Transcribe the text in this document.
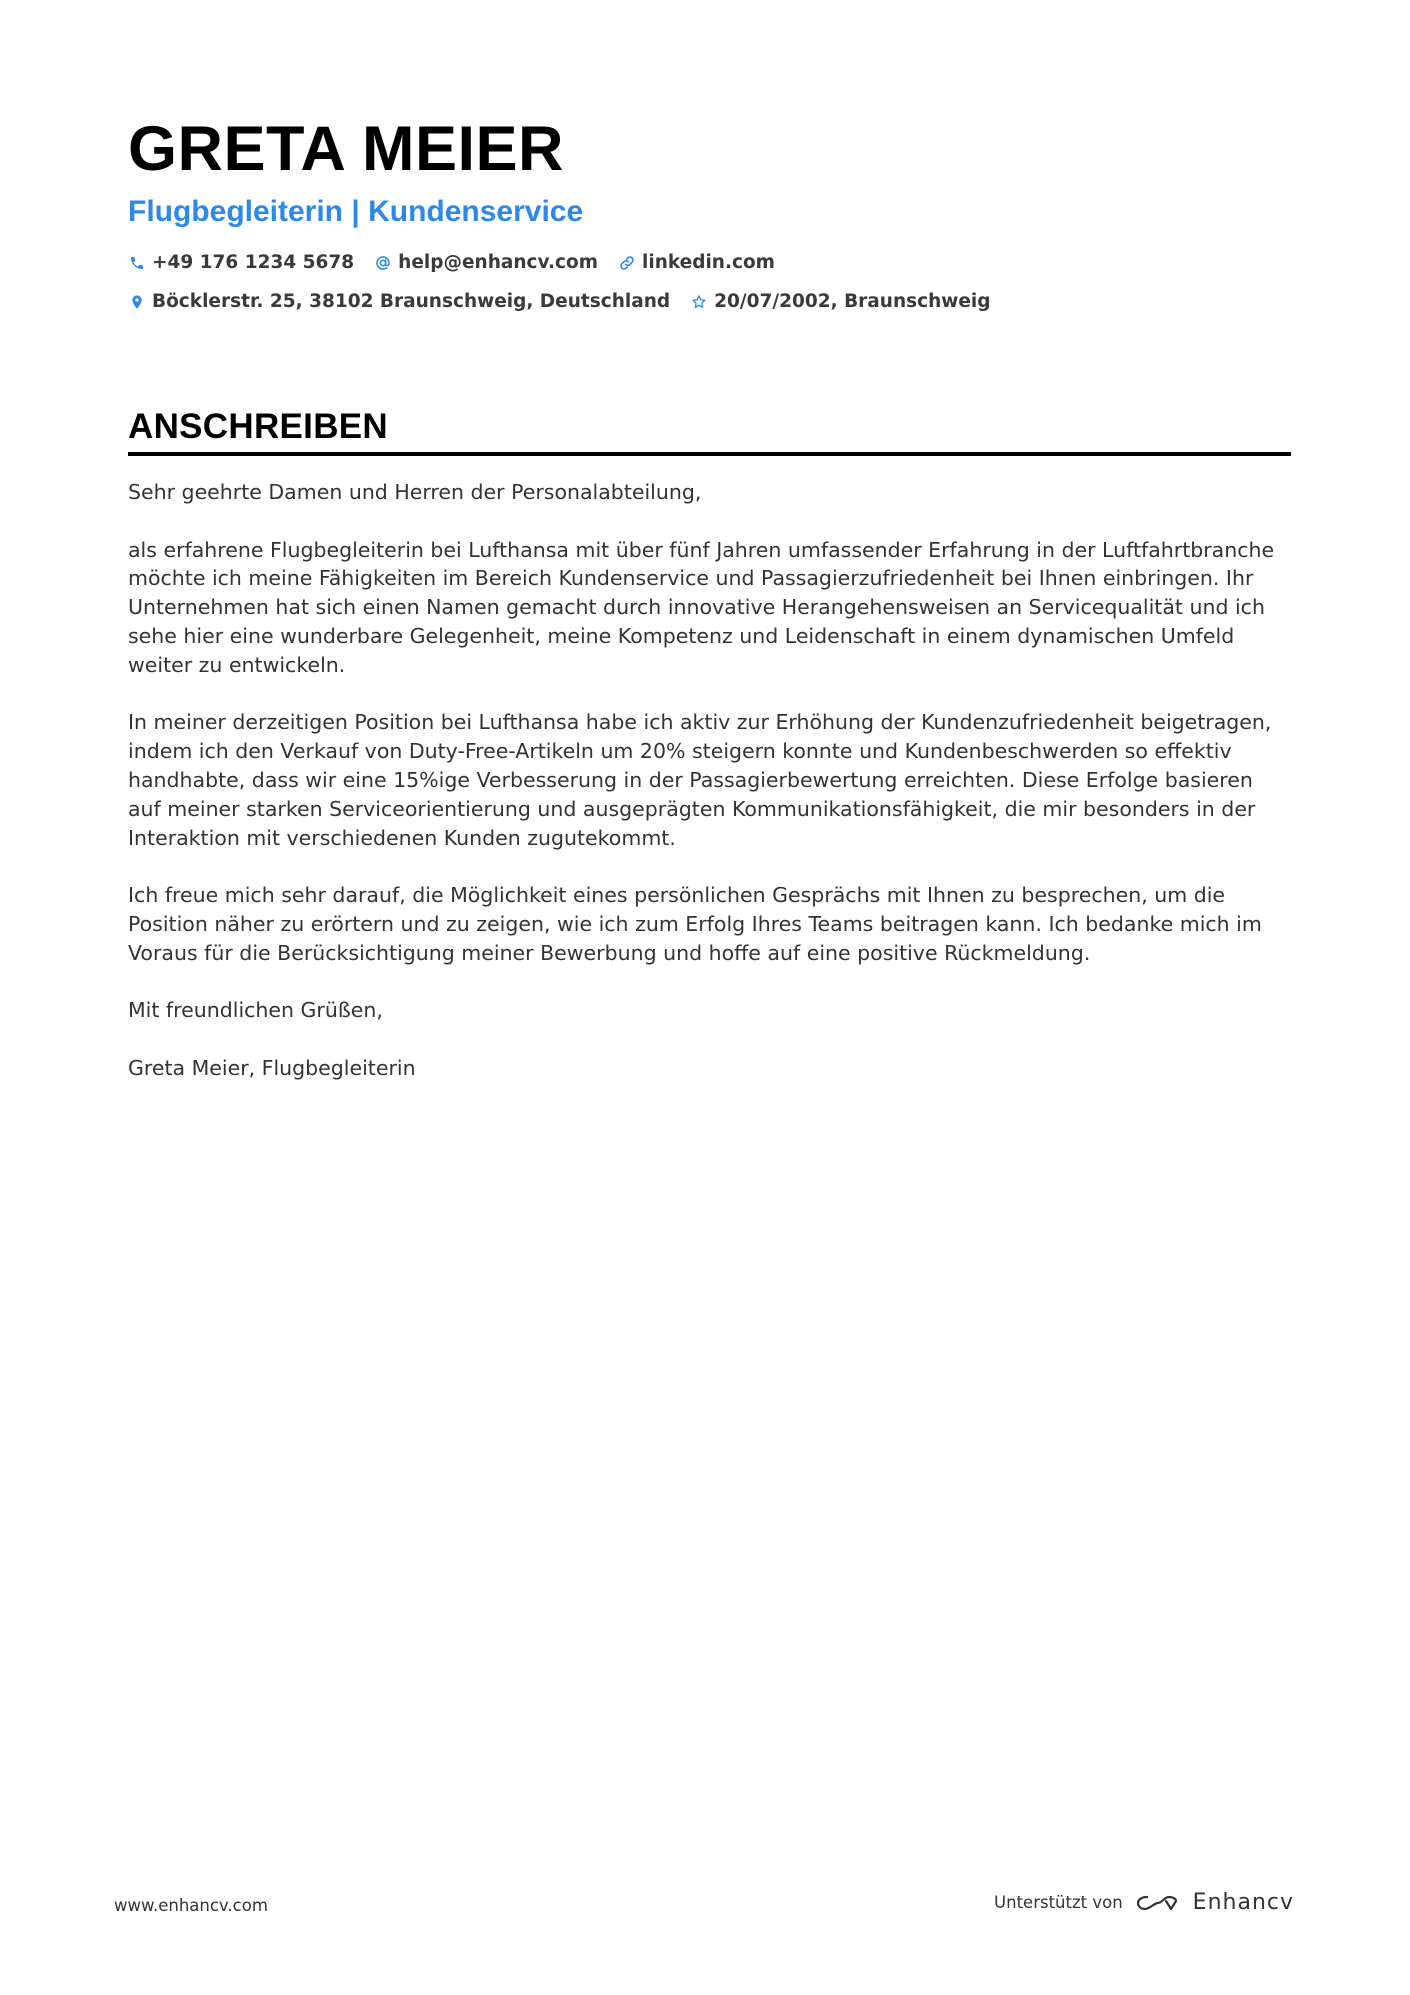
GRETA MEIER
Flugbegleiterin | Kundenservice
+49 176 1234 5678 help@enhancv.com linkedin.com
Böcklerstr. 25, 38102 Braunschweig, Deutschland 20/07/2002, Braunschweig
ANSCHREIBEN

Sehr geehrte Damen und Herren der Personalabteilung,

als erfahrene Flugbegleiterin bei Lufthansa mit über fünf Jahren umfassender Erfahrung in der Luftfahrtbranche möchte ich meine Fähigkeiten im Bereich Kundenservice und Passagierzufriedenheit bei Ihnen einbringen. Ihr Unternehmen hat sich einen Namen gemacht durch innovative Herangehensweisen an Servicequalität und ich sehe hier eine wunderbare Gelegenheit, meine Kompetenz und Leidenschaft in einem dynamischen Umfeld weiter zu entwickeln.

In meiner derzeitigen Position bei Lufthansa habe ich aktiv zur Erhöhung der Kundenzufriedenheit beigetragen, indem ich den Verkauf von Duty-Free-Artikeln um 20% steigern konnte und Kundenbeschwerden so effektiv handhabte, dass wir eine 15%ige Verbesserung in der Passagierbewertung erreichten. Diese Erfolge basieren auf meiner starken Serviceorientierung und ausgeprägten Kommunikationsfähigkeit, die mir besonders in der Interaktion mit verschiedenen Kunden zugutekommt.

Ich freue mich sehr darauf, die Möglichkeit eines persönlichen Gesprächs mit Ihnen zu besprechen, um die Position näher zu erörtern und zu zeigen, wie ich zum Erfolg Ihres Teams beitragen kann. Ich bedanke mich im Voraus für die Berücksichtigung meiner Bewerbung und hoffe auf eine positive Rückmeldung.

Mit freundlichen Grüßen,

Greta Meier, Flugbegleiterin

www.enhancv.com	Unterstützt von	Enhancv
